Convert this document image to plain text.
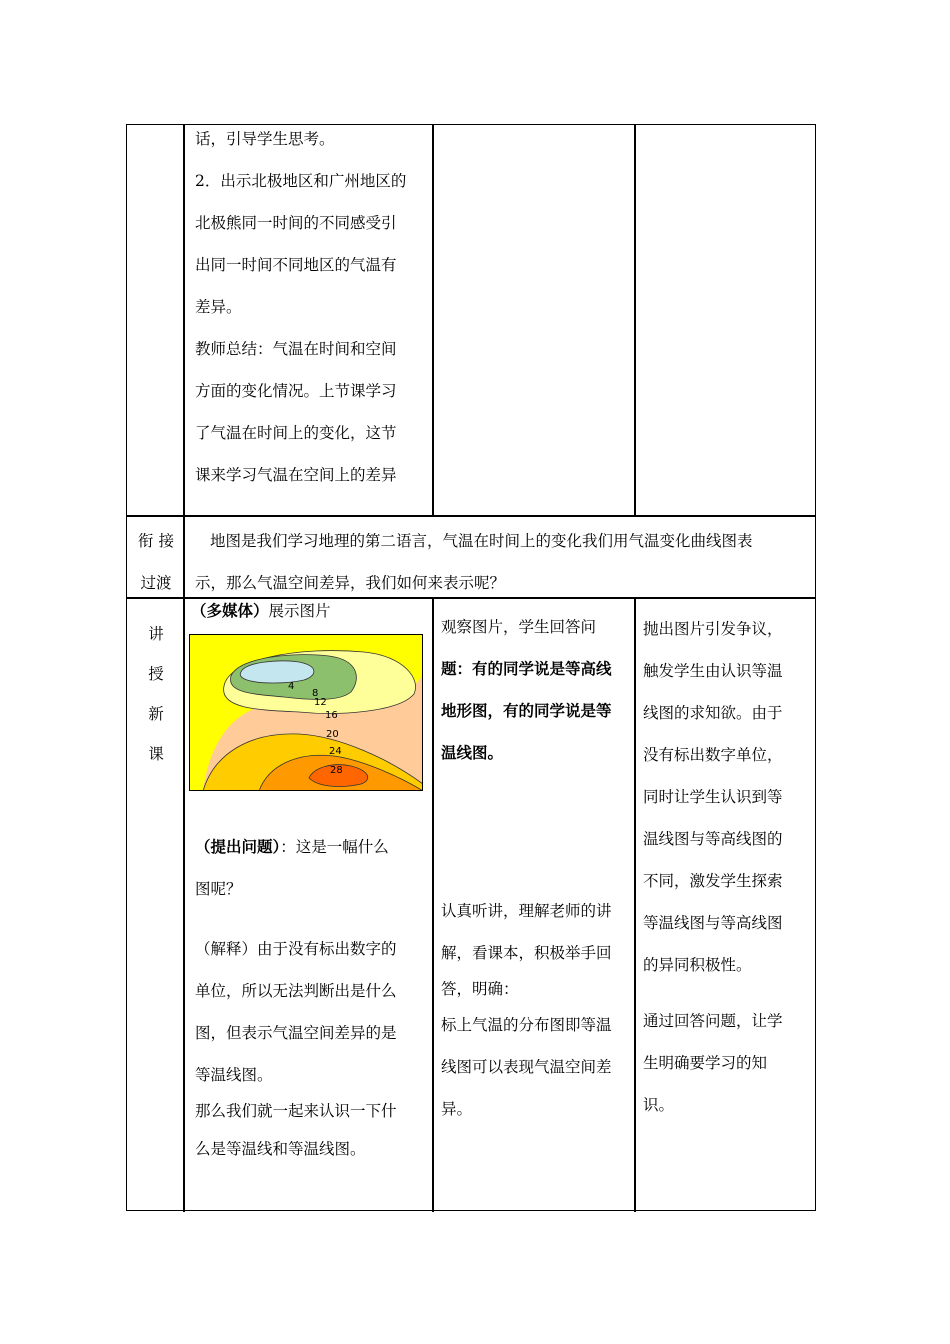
话，引导学生思考。

2．出示北极地区和广州地区的

北极熊同一时间的不同感受引

出同一时间不同地区的气温有

差异。

教师总结：气温在时间和空间

方面的变化情况。上节课学习

了气温在时间上的变化，这节

课来学习气温在空间上的差异

衔 接
过渡
地图是我们学习地理的第二语言，气温在时间上的变化我们用气温变化曲线图表
示，那么气温空间差异，我们如何来表示呢？
讲
授
新
课
（多媒体）展示图片
4
8
12
16
20
24
28

（提出问题）：这是一幅什么

图呢？

（解释）由于没有标出数字的

单位，所以无法判断出是什么

图，但表示气温空间差异的是

等温线图。

那么我们就一起来认识一下什

么是等温线和等温线图。

观察图片，学生回答问

题：有的同学说是等高线

地形图，有的同学说是等

温线图。

认真听讲，理解老师的讲

解，看课本，积极举手回

答，明确：

标上气温的分布图即等温

线图可以表现气温空间差

异。

抛出图片引发争议，

触发学生由认识等温

线图的求知欲。由于

没有标出数字单位，

同时让学生认识到等

温线图与等高线图的

不同，激发学生探索

等温线图与等高线图

的异同积极性。

通过回答问题，让学

生明确要学习的知

识。
